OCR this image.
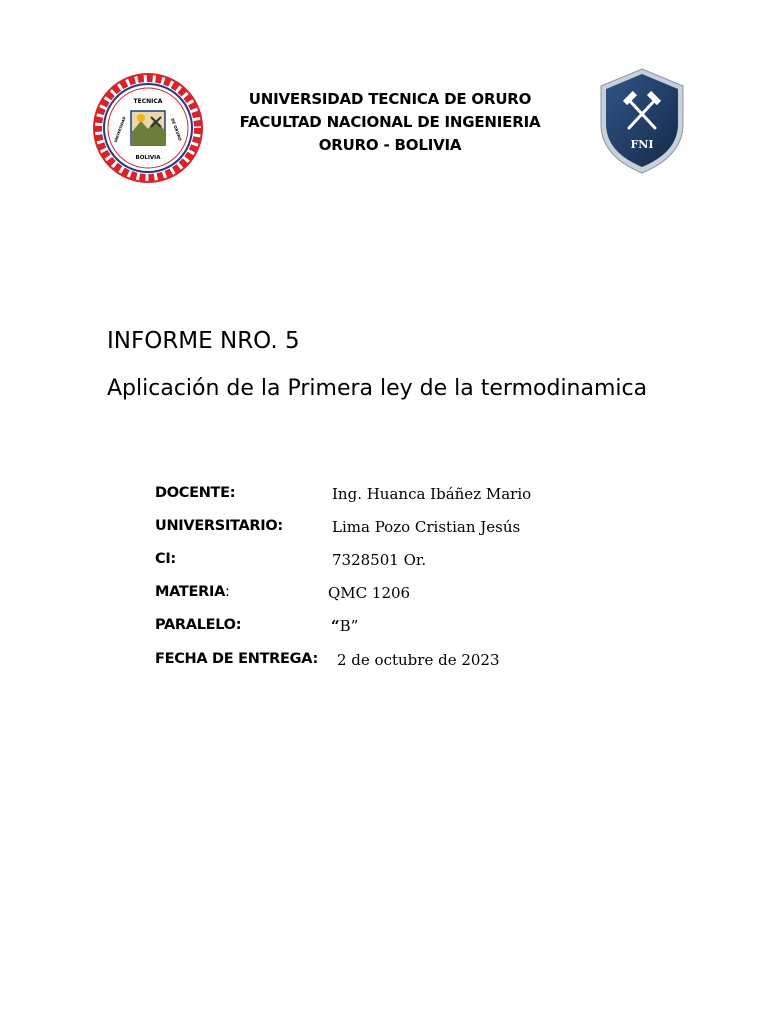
TECNICA
BOLIVIA
UNIVERSIDAD	DE ORURO
UNIVERSIDAD TECNICA DE ORURO
FACULTAD NACIONAL DE INGENIERIA
ORURO - BOLIVIA	FNI
INFORME NRO. 5
Aplicación de la Primera ley de la termodinamica
DOCENTE:	Ing. Huanca Ibáñez Mario
UNIVERSITARIO:	Lima Pozo Cristian Jesús
CI:	7328501 Or.
MATERIA:	QMC 1206
PARALELO:	“B”
FECHA DE ENTREGA: 2 de octubre de 2023
